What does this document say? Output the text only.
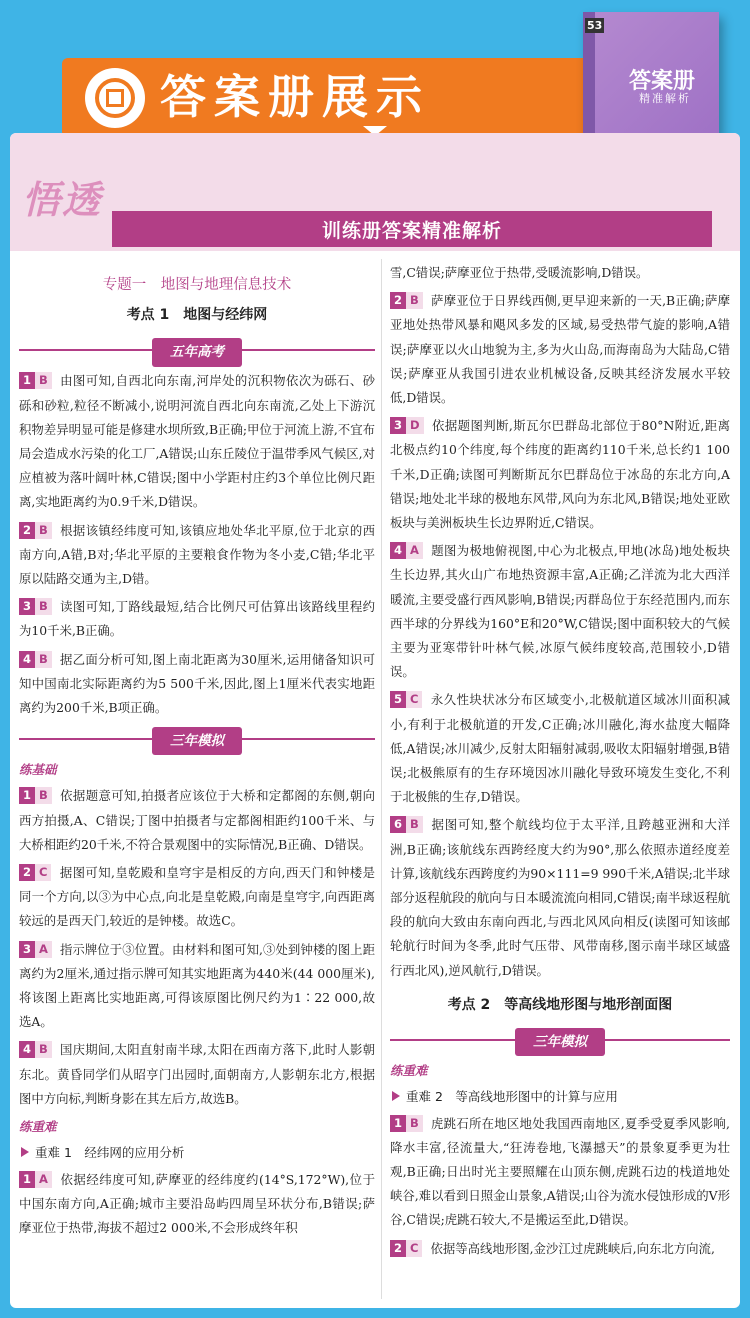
答案册展示
53
答案册
精准解析
悟透
训练册答案精准解析
专题一　地图与地理信息技术
考点 1　地图与经纬网
五年高考
1 B 由图可知,自西北向东南,河岸处的沉积物依次为砾石、砂砾和砂粒,粒径不断减小,说明河流自西北向东南流,乙处上下游沉积物差异明显可能是修建水坝所致,B正确;甲位于河流上游,不宜布局会造成水污染的化工厂,A错误;山东丘陵位于温带季风气候区,对应植被为落叶阔叶林,C错误;图中小学距村庄约3个单位比例尺距离,实地距离约为0.9千米,D错误。
2 B 根据该镇经纬度可知,该镇应地处华北平原,位于北京的西南方向,A错,B对;华北平原的主要粮食作物为冬小麦,C错;华北平原以陆路交通为主,D错。
3 B 读图可知,丁路线最短,结合比例尺可估算出该路线里程约为10千米,B正确。
4 B 据乙面分析可知,图上南北距离为30厘米,运用储备知识可知中国南北实际距离约为5 500千米,因此,图上1厘米代表实地距离约为200千米,B项正确。
三年模拟
练基础
1 B 依据题意可知,拍摄者应该位于大桥和定都阁的东侧,朝向西方拍摄,A、C错误;丁图中拍摄者与定都阁相距约100千米、与大桥相距约20千米,不符合景观图中的实际情况,B正确、D错误。
2 C 据图可知,皇乾殿和皇穹宇是相反的方向,西天门和钟楼是同一个方向,以③为中心点,向北是皇乾殿,向南是皇穹宇,向西距离较远的是西天门,较近的是钟楼。故选C。
3 A 指示牌位于③位置。由材料和图可知,③处到钟楼的图上距离约为2厘米,通过指示牌可知其实地距离为440米(44 000厘米),将该图上距离比实地距离,可得该原图比例尺约为1∶22 000,故选A。
4 B 国庆期间,太阳直射南半球,太阳在西南方落下,此时人影朝东北。黄昏同学们从昭亨门出园时,面朝南方,人影朝东北方,根据图中方向标,判断身影在其左后方,故选B。
练重难
重难 1　经纬网的应用分析
1 A 依据经纬度可知,萨摩亚的经纬度约(14°S,172°W),位于中国东南方向,A正确;城市主要沿岛屿四周呈环状分布,B错误;萨摩亚位于热带,海拔不超过2 000米,不会形成终年积
雪,C错误;萨摩亚位于热带,受暖流影响,D错误。
2 B 萨摩亚位于日界线西侧,更早迎来新的一天,B正确;萨摩亚地处热带风暴和飓风多发的区域,易受热带气旋的影响,A错误;萨摩亚以火山地貌为主,多为火山岛,而海南岛为大陆岛,C错误;萨摩亚从我国引进农业机械设备,反映其经济发展水平较低,D错误。
3 D 依据题图判断,斯瓦尔巴群岛北部位于80°N附近,距离北极点约10个纬度,每个纬度的距离约110千米,总长约1 100千米,D正确;读图可判断斯瓦尔巴群岛位于冰岛的东北方向,A错误;地处北半球的极地东风带,风向为东北风,B错误;地处亚欧板块与美洲板块生长边界附近,C错误。
4 A 题图为极地俯视图,中心为北极点,甲地(冰岛)地处板块生长边界,其火山广布地热资源丰富,A正确;乙洋流为北大西洋暖流,主要受盛行西风影响,B错误;丙群岛位于东经范围内,而东西半球的分界线为160°E和20°W,C错误;图中面积较大的气候主要为亚寒带针叶林气候,冰原气候纬度较高,范围较小,D错误。
5 C 永久性块状冰分布区域变小,北极航道区域冰川面积减小,有利于北极航道的开发,C正确;冰川融化,海水盐度大幅降低,A错误;冰川减少,反射太阳辐射减弱,吸收太阳辐射增强,B错误;北极熊原有的生存环境因冰川融化导致环境发生变化,不利于北极熊的生存,D错误。
6 B 据图可知,整个航线均位于太平洋,且跨越亚洲和大洋洲,B正确;该航线东西跨经度大约为90°,那么依照赤道经度差计算,该航线东西跨度约为90×111=9 990千米,A错误;北半球部分返程航段的航向与日本暖流流向相同,C错误;南半球返程航段的航向大致由东南向西北,与西北风风向相反(读图可知该邮轮航行时间为冬季,此时气压带、风带南移,图示南半球区域盛行西北风),逆风航行,D错误。
考点 2　等高线地形图与地形剖面图
三年模拟
练重难
重难 2　等高线地形图中的计算与应用
1 B 虎跳石所在地区地处我国西南地区,夏季受夏季风影响,降水丰富,径流量大,“狂涛卷地,飞瀑撼天”的景象夏季更为壮观,B正确;日出时光主要照耀在山顶东侧,虎跳石边的栈道地处峡谷,难以看到日照金山景象,A错误;山谷为流水侵蚀形成的V形谷,C错误;虎跳石较大,不是搬运至此,D错误。
2 C 依据等高线地形图,金沙江过虎跳峡后,向东北方向流,
